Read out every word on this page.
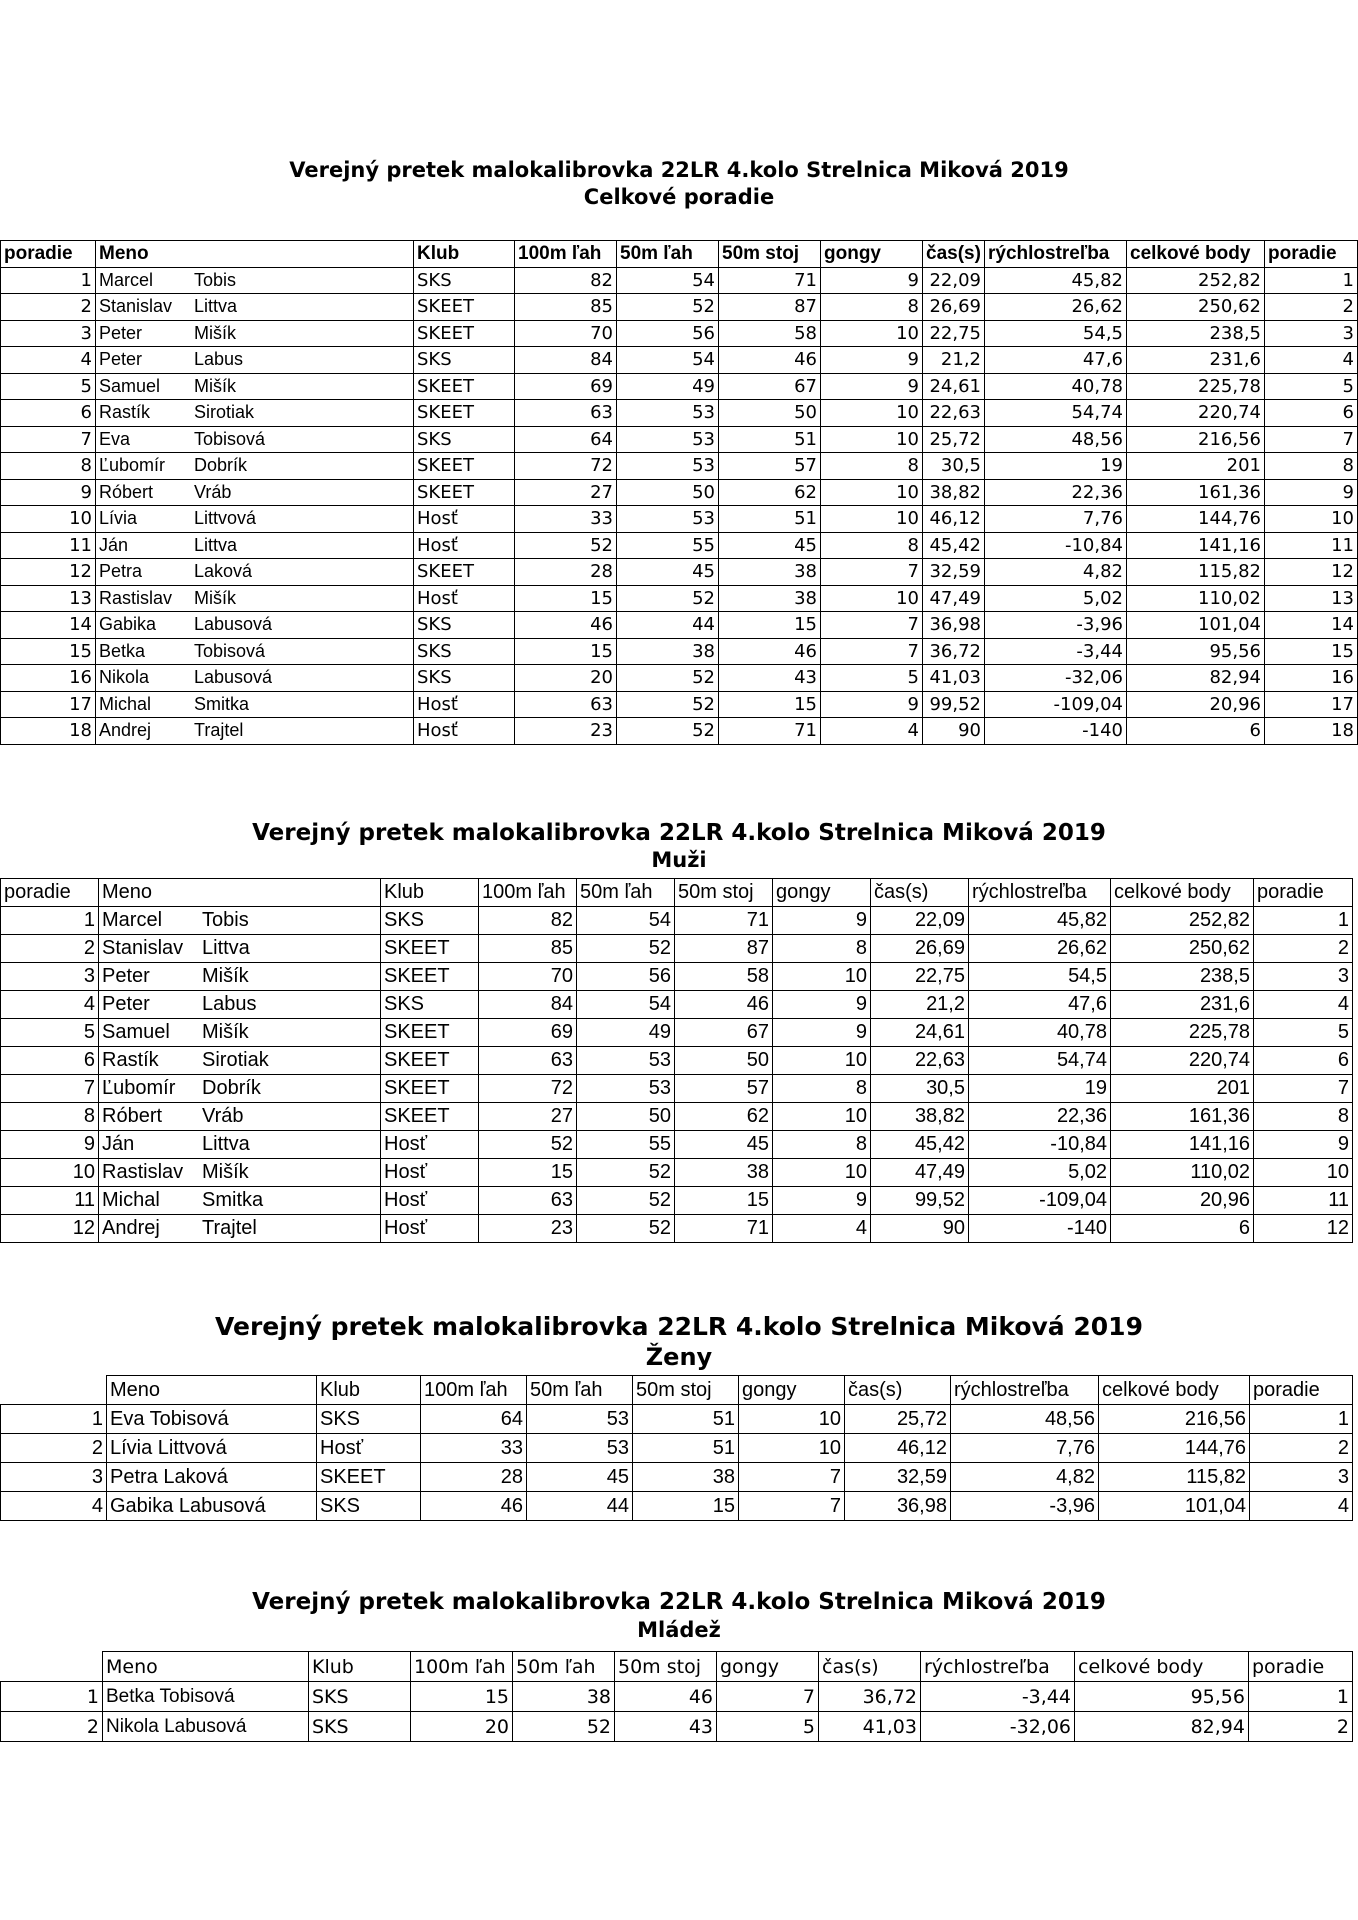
Verejný pretek malokalibrovka 22LR 4.kolo Strelnica Miková 2019
Celkové poradie
poradie	Meno	Klub	100m ľah	50m ľah	50m stoj	gongy	čas(s)	rýchlostreľba	celkové body	poradie
1	Marcel Tobis	SKS	82	54	71	9	22,09	45,82	252,82	1
2	Stanislav Littva	SKEET	85	52	87	8	26,69	26,62	250,62	2
3	Peter Mišík	SKEET	70	56	58	10	22,75	54,5	238,5	3
4	Peter Labus	SKS	84	54	46	9	21,2	47,6	231,6	4
5	Samuel Mišík	SKEET	69	49	67	9	24,61	40,78	225,78	5
6	Rastík Sirotiak	SKEET	63	53	50	10	22,63	54,74	220,74	6
7	Eva Tobisová	SKS	64	53	51	10	25,72	48,56	216,56	7
8	Ľubomír Dobrík	SKEET	72	53	57	8	30,5	19	201	8
9	Róbert Vráb	SKEET	27	50	62	10	38,82	22,36	161,36	9
10	Lívia Littvová	Hosť	33	53	51	10	46,12	7,76	144,76	10
11	Ján Littva	Hosť	52	55	45	8	45,42	-10,84	141,16	11
12	Petra Laková	SKEET	28	45	38	7	32,59	4,82	115,82	12
13	Rastislav Mišík	Hosť	15	52	38	10	47,49	5,02	110,02	13
14	Gabika Labusová	SKS	46	44	15	7	36,98	-3,96	101,04	14
15	Betka Tobisová	SKS	15	38	46	7	36,72	-3,44	95,56	15
16	Nikola Labusová	SKS	20	52	43	5	41,03	-32,06	82,94	16
17	Michal Smitka	Hosť	63	52	15	9	99,52	-109,04	20,96	17
18	Andrej Trajtel	Hosť	23	52	71	4	90	-140	6	18
Verejný pretek malokalibrovka 22LR 4.kolo Strelnica Miková 2019
Muži
poradie	Meno	Klub	100m ľah	50m ľah	50m stoj	gongy	čas(s)	rýchlostreľba	celkové body	poradie
1	Marcel Tobis	SKS	82	54	71	9	22,09	45,82	252,82	1
2	Stanislav Littva	SKEET	85	52	87	8	26,69	26,62	250,62	2
3	Peter Mišík	SKEET	70	56	58	10	22,75	54,5	238,5	3
4	Peter Labus	SKS	84	54	46	9	21,2	47,6	231,6	4
5	Samuel Mišík	SKEET	69	49	67	9	24,61	40,78	225,78	5
6	Rastík Sirotiak	SKEET	63	53	50	10	22,63	54,74	220,74	6
7	Ľubomír Dobrík	SKEET	72	53	57	8	30,5	19	201	7
8	Róbert Vráb	SKEET	27	50	62	10	38,82	22,36	161,36	8
9	Ján Littva	Hosť	52	55	45	8	45,42	-10,84	141,16	9
10	Rastislav Mišík	Hosť	15	52	38	10	47,49	5,02	110,02	10
11	Michal Smitka	Hosť	63	52	15	9	99,52	-109,04	20,96	11
12	Andrej Trajtel	Hosť	23	52	71	4	90	-140	6	12
Verejný pretek malokalibrovka 22LR 4.kolo Strelnica Miková 2019
Ženy
	Meno	Klub	100m ľah	50m ľah	50m stoj	gongy	čas(s)	rýchlostreľba	celkové body	poradie
1	Eva Tobisová	SKS	64	53	51	10	25,72	48,56	216,56	1
2	Lívia Littvová	Hosť	33	53	51	10	46,12	7,76	144,76	2
3	Petra Laková	SKEET	28	45	38	7	32,59	4,82	115,82	3
4	Gabika Labusová	SKS	46	44	15	7	36,98	-3,96	101,04	4
Verejný pretek malokalibrovka 22LR 4.kolo Strelnica Miková 2019
Mládež
	Meno	Klub	100m ľah	50m ľah	50m stoj	gongy	čas(s)	rýchlostreľba	celkové body	poradie
1	Betka Tobisová	SKS	15	38	46	7	36,72	-3,44	95,56	1
2	Nikola Labusová	SKS	20	52	43	5	41,03	-32,06	82,94	2
